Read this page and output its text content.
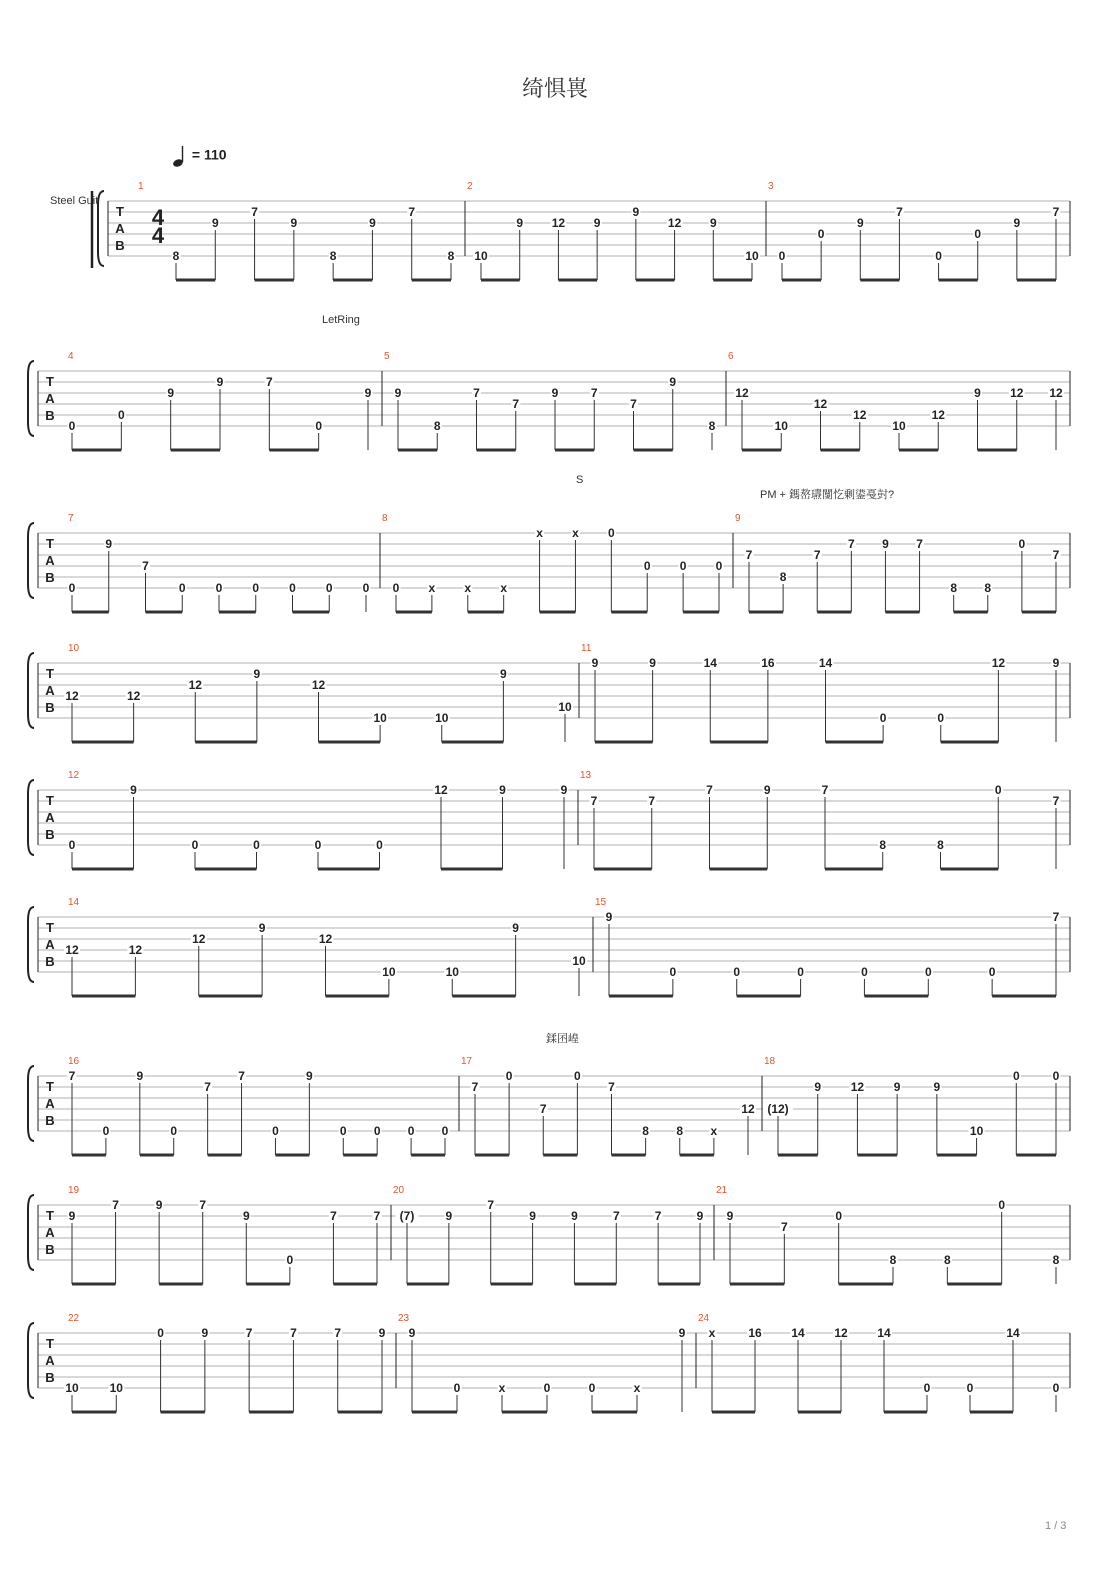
绮惧嵔
= 110
Steel Guit
LetRing
S
PM + 鎷嶅瓙闅忔剰鍙戞尌?
鍒囨崲
1 / 3
T
A
B
4
4
1
8
9
7
9
8
9
7
8
2
10
9 12 9
9
12 9
10
3
0
0
9
7
0
0
9
7
T
A
B
4
0
0
9
9	7
0
9
5
9
8
7
7
9	7
7
9
8
6
12
10
12
12
10
12
9 12 12
T
A
B
7
0
9
7
0	0	0	0	0	0
8
0 x x x
x x 0
0 0 0
9
7
8
7
7 9 7
8 8
0
7
T
A
B
10
12	12
12
9
12
10	10
9
10
11
9	9	14	16	14
0	0
12	9
T
A
B
12
0
9
0	0	0	0
12	9	9
13
7	7
7	9	7
8	8
0
7
T
A
B
14
12	12
12
9
12
10	10
9
10
15
9
0	0	0	0	0	0
7
T
A
B
16
7
0
9
0
7
7
0
9
0 0 0 0
17
7
0
7
0
7
8 8 x
12
18
(12)
9 12 9	9
10
0	0
T
A
B
19
9
7	9	7
9
0
7	7
20
(7)	9
7
9	9	7	7	9
21
9
7
0
8	8
0
8
T
A
B
22
10	10
0	9	7	7	7	9
23
9
0	x	0	0	x
9
24
x	16 14 12 14
0	0
14
0
